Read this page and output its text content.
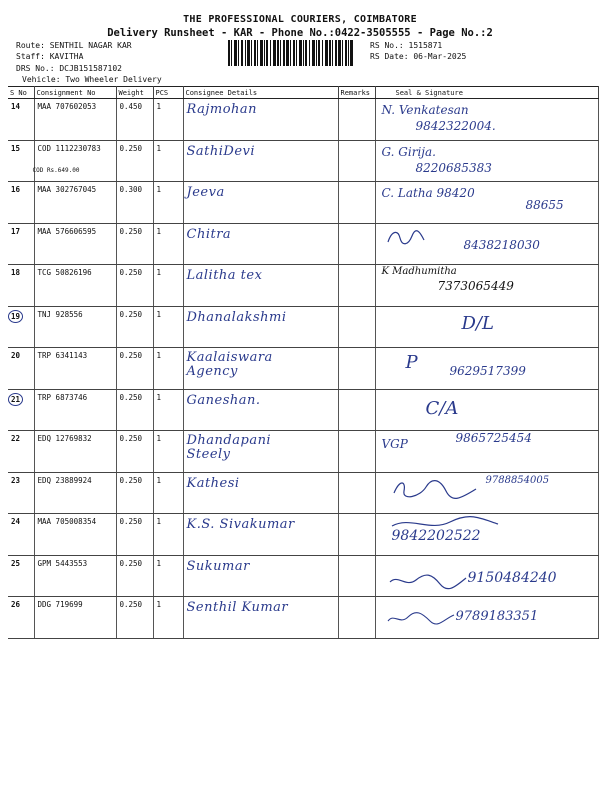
THE PROFESSIONAL COURIERS, COIMBATORE
Delivery Runsheet - KAR - Phone No.:0422-3505555 - Page No.:2
Route: SENTHIL NAGAR KAR
Staff: KAVITHA
DRS No.: DCJB151587102
Vehicle: Two Wheeler Delivery
RS No.: 1515871
RS Date: 06-Mar-2025
S No	Consignment No	Weight	PCS	Consignee Details	Remarks	Seal & Signature
14	MAA 707602053	0.450	1	Rajmohan		N. Venkatesan
9842322004.

15	COD 1112230783
COD Rs.649.00	0.250	1	SathiDevi		G. Girija.
8220685383

16	MAA 302767045	0.300	1	Jeeva		C. Latha 98420
88655

17	MAA 576606595	0.250	1	Chitra		8438218030

18	TCG 50826196	0.250	1	Lalitha tex		K Madhumitha
7373065449

19	TNJ 928556	0.250	1	Dhanalakshmi		D/L

20	TRP 6341143	0.250	1	Kaalaiswara Agency		P 9629517399

21	TRP 6873746	0.250	1	Ganeshan.		C/A

22	EDQ 12769832	0.250	1	Dhandapani Steely		VGP 9865725454

23	EDQ 23889924	0.250	1	Kathesi		9788854005

24	MAA 705008354	0.250	1	K.S. Sivakumar		9842202522

25	GPM 5443553	0.250	1	Sukumar		9150484240

26	DDG 719699	0.250	1	Senthil Kumar		9789183351
